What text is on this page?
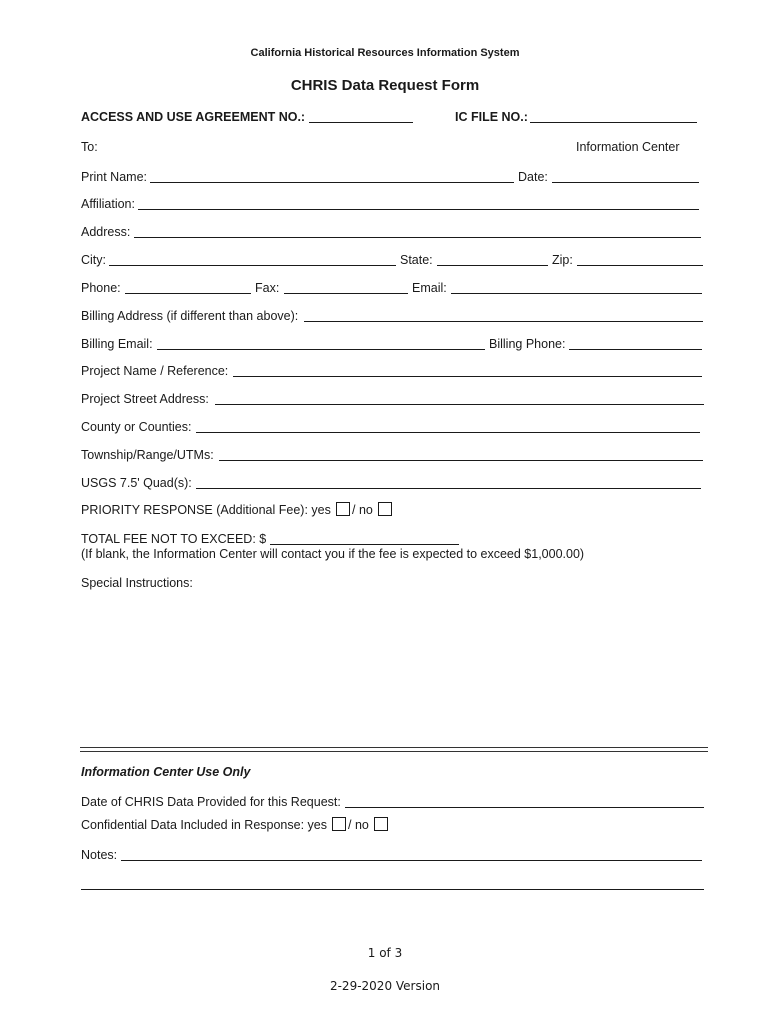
California Historical Resources Information System
CHRIS Data Request Form
ACCESS AND USE AGREEMENT NO.:	IC FILE NO.:
To:	Information Center
Print Name:	Date:
Affiliation:
Address:
City:	State:	Zip:
Phone:	Fax:	Email:
Billing Address (if different than above):
Billing Email:	Billing Phone:
Project Name / Reference:
Project Street Address:
County or Counties:
Township/Range/UTMs:
USGS 7.5' Quad(s):
PRIORITY RESPONSE (Additional Fee): yes / no
TOTAL FEE NOT TO EXCEED: $
(If blank, the Information Center will contact you if the fee is expected to exceed $1,000.00)
Special Instructions:
Information Center Use Only
Date of CHRIS Data Provided for this Request:
Confidential Data Included in Response: yes / no
Notes:
1 of 3
2-29-2020 Version
